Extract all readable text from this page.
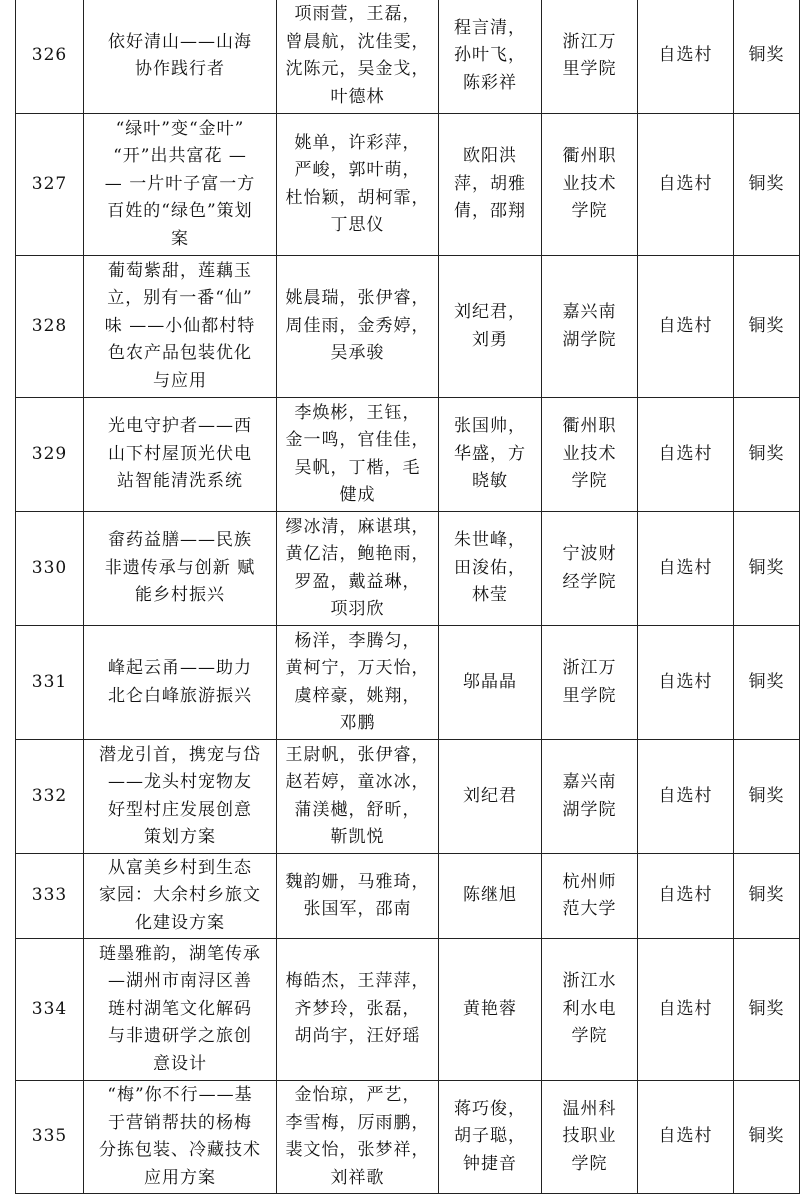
326	依好清山——山海
协作践行者	项雨萱，王磊，
曾晨航，沈佳雯，
沈陈元，吴金戈，
叶德林	程言清，
孙叶飞，
陈彩祥	浙江万
里学院	自选村	铜奖
327	“绿叶”变“金叶”
“开”出共富花 —
— 一片叶子富一方
百姓的“绿色”策划
案	姚单，许彩萍，
严峻，郭叶萌，
杜怡颖，胡柯霏，
丁思仪	欧阳洪
萍，胡雅
倩，邵翔	衢州职
业技术
学院	自选村	铜奖
328	葡萄紫甜，莲藕玉
立，别有一番“仙”
味 ——小仙都村特
色农产品包装优化
与应用	姚晨瑞，张伊睿，
周佳雨，金秀婷，
吴承骏	刘纪君，
刘勇	嘉兴南
湖学院	自选村	铜奖
329	光电守护者——西
山下村屋顶光伏电
站智能清洗系统	李焕彬，王钰，
金一鸣，官佳佳，
吴帆，丁楷，毛
健成	张国帅，
华盛，方
晓敏	衢州职
业技术
学院	自选村	铜奖
330	畲药益膳——民族
非遗传承与创新 赋
能乡村振兴	缪冰清，麻谌琪，
黄亿洁，鲍艳雨，
罗盈，戴益琳，
项羽欣	朱世峰，
田浚佑，
林莹	宁波财
经学院	自选村	铜奖
331	峰起云甬——助力
北仑白峰旅游振兴	杨洋，李腾匀，
黄柯宁，万天怡，
虞梓豪，姚翔，
邓鹏	邬晶晶	浙江万
里学院	自选村	铜奖
332	潜龙引首，携宠与岱
——龙头村宠物友
好型村庄发展创意
策划方案	王尉帆，张伊睿，
赵若婷，童冰冰，
蒲渼樾，舒昕，
靳凯悦	刘纪君	嘉兴南
湖学院	自选村	铜奖
333	从富美乡村到生态
家园：大余村乡旅文
化建设方案	魏韵姗，马雅琦，
张国军，邵南	陈继旭	杭州师
范大学	自选村	铜奖
334	琏墨雅韵，湖笔传承
—湖州市南浔区善
琏村湖笔文化解码
与非遗研学之旅创
意设计	梅皓杰，王萍萍，
齐梦玲，张磊，
胡尚宇，汪妤瑶	黄艳蓉	浙江水
利水电
学院	自选村	铜奖
335	“梅”你不行——基
于营销帮扶的杨梅
分拣包装、冷藏技术
应用方案	金怡琼，严艺，
李雪梅，厉雨鹏，
裴文怡，张梦祥，
刘祥歌	蒋巧俊，
胡子聪，
钟捷音	温州科
技职业
学院	自选村	铜奖
